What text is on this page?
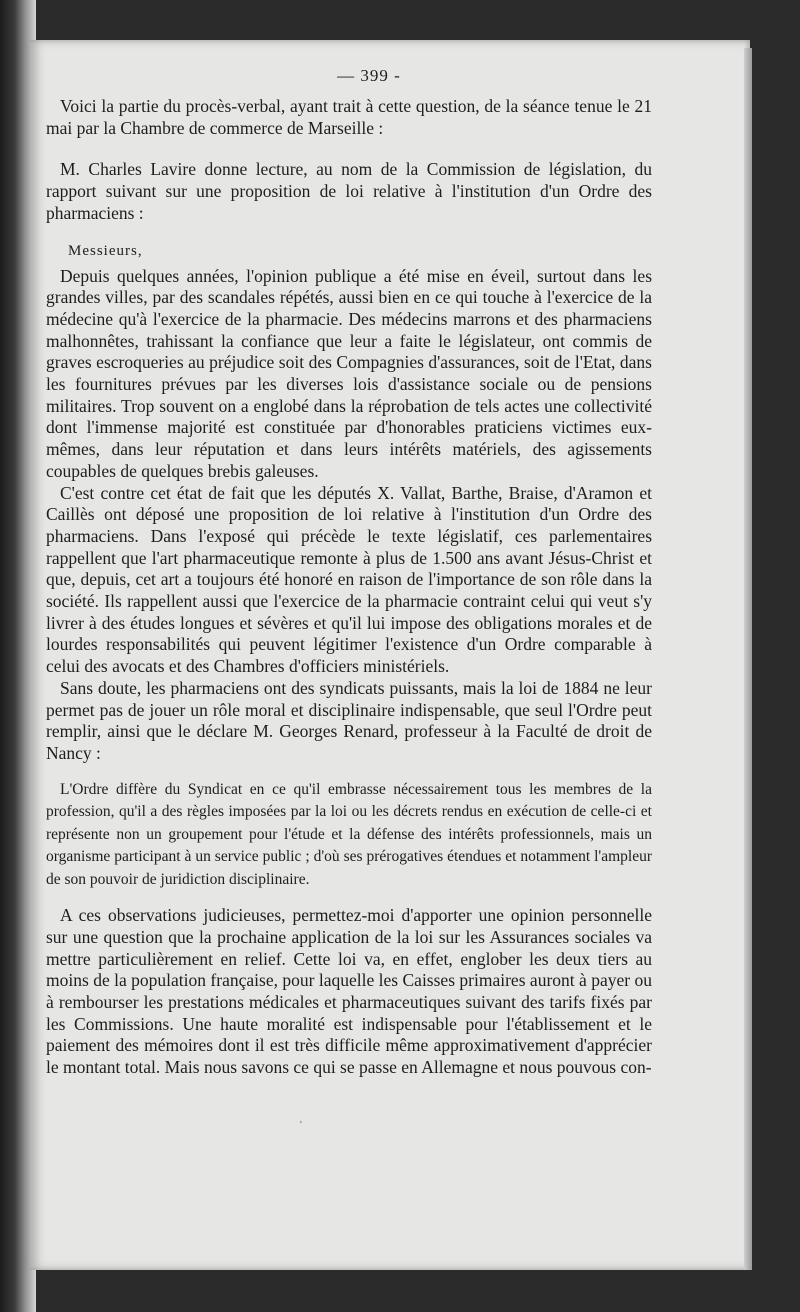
— 399 -

Voici la partie du procès-verbal, ayant trait à cette question, de la séance tenue le 21 mai par la Chambre de commerce de Marseille :

M. Charles Lavire donne lecture, au nom de la Commission de législation, du rapport suivant sur une proposition de loi relative à l'institution d'un Ordre des pharmaciens :

Messieurs,

Depuis quelques années, l'opinion publique a été mise en éveil, surtout dans les grandes villes, par des scandales répétés, aussi bien en ce qui touche à l'exercice de la médecine qu'à l'exercice de la pharmacie. Des médecins marrons et des pharmaciens malhonnêtes, trahissant la confiance que leur a faite le législateur, ont commis de graves escroqueries au préjudice soit des Compagnies d'assurances, soit de l'Etat, dans les fournitures prévues par les diverses lois d'assistance sociale ou de pensions militaires. Trop souvent on a englobé dans la réprobation de tels actes une collectivité dont l'immense majorité est constituée par d'honorables praticiens victimes eux-mêmes, dans leur réputation et dans leurs intérêts matériels, des agissements coupables de quelques brebis galeuses.

C'est contre cet état de fait que les députés X. Vallat, Barthe, Braise, d'Aramon et Caillès ont déposé une proposition de loi relative à l'institution d'un Ordre des pharmaciens. Dans l'exposé qui précède le texte législatif, ces parlementaires rappellent que l'art pharmaceutique remonte à plus de 1.500 ans avant Jésus-Christ et que, depuis, cet art a toujours été honoré en raison de l'importance de son rôle dans la société. Ils rappellent aussi que l'exercice de la pharmacie contraint celui qui veut s'y livrer à des études longues et sévères et qu'il lui impose des obligations morales et de lourdes responsabilités qui peuvent légitimer l'existence d'un Ordre comparable à celui des avocats et des Chambres d'officiers ministériels.

Sans doute, les pharmaciens ont des syndicats puissants, mais la loi de 1884 ne leur permet pas de jouer un rôle moral et disciplinaire indispensable, que seul l'Ordre peut remplir, ainsi que le déclare M. Georges Renard, professeur à la Faculté de droit de Nancy :

L'Ordre diffère du Syndicat en ce qu'il embrasse nécessairement tous les membres de la profession, qu'il a des règles imposées par la loi ou les décrets rendus en exécution de celle-ci et représente non un groupement pour l'étude et la défense des intérêts professionnels, mais un organisme participant à un service public ; d'où ses prérogatives étendues et notamment l'ampleur de son pouvoir de juridiction disciplinaire.

A ces observations judicieuses, permettez-moi d'apporter une opinion personnelle sur une question que la prochaine application de la loi sur les Assurances sociales va mettre particulièrement en relief. Cette loi va, en effet, englober les deux tiers au moins de la population française, pour laquelle les Caisses primaires auront à payer ou à rembourser les prestations médicales et pharmaceutiques suivant des tarifs fixés par les Commissions. Une haute moralité est indispensable pour l'établissement et le paiement des mémoires dont il est très difficile même approximativement d'apprécier le montant total. Mais nous savons ce qui se passe en Allemagne et nous pouvous con-

'
